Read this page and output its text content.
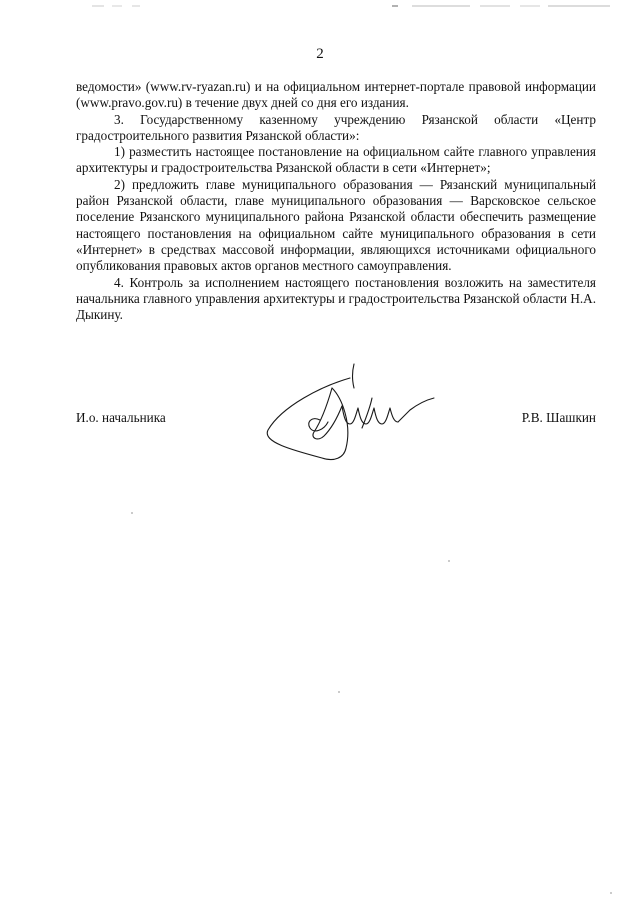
2

ведомости» (www.rv-ryazan.ru) и на официальном интернет-портале правовой информации (www.pravo.gov.ru) в течение двух дней со дня его издания.

3. Государственному казенному учреждению Рязанской области «Центр градостроительного развития Рязанской области»:

1) разместить настоящее постановление на официальном сайте главного управления архитектуры и градостроительства Рязанской области в сети «Интернет»;

2) предложить главе муниципального образования — Рязанский муниципальный район Рязанской области, главе муниципального образования — Варсковское сельское поселение Рязанского муниципального района Рязанской области обеспечить размещение настоящего постановления на официальном сайте муниципального образования в сети «Интернет» в средствах массовой информации, являющихся источниками официального опубликования правовых актов органов местного самоуправления.

4. Контроль за исполнением настоящего постановления возложить на заместителя начальника главного управления архитектуры и градостроительства Рязанской области Н.А. Дыкину.

И.о. начальника	Р.В. Шашкин
